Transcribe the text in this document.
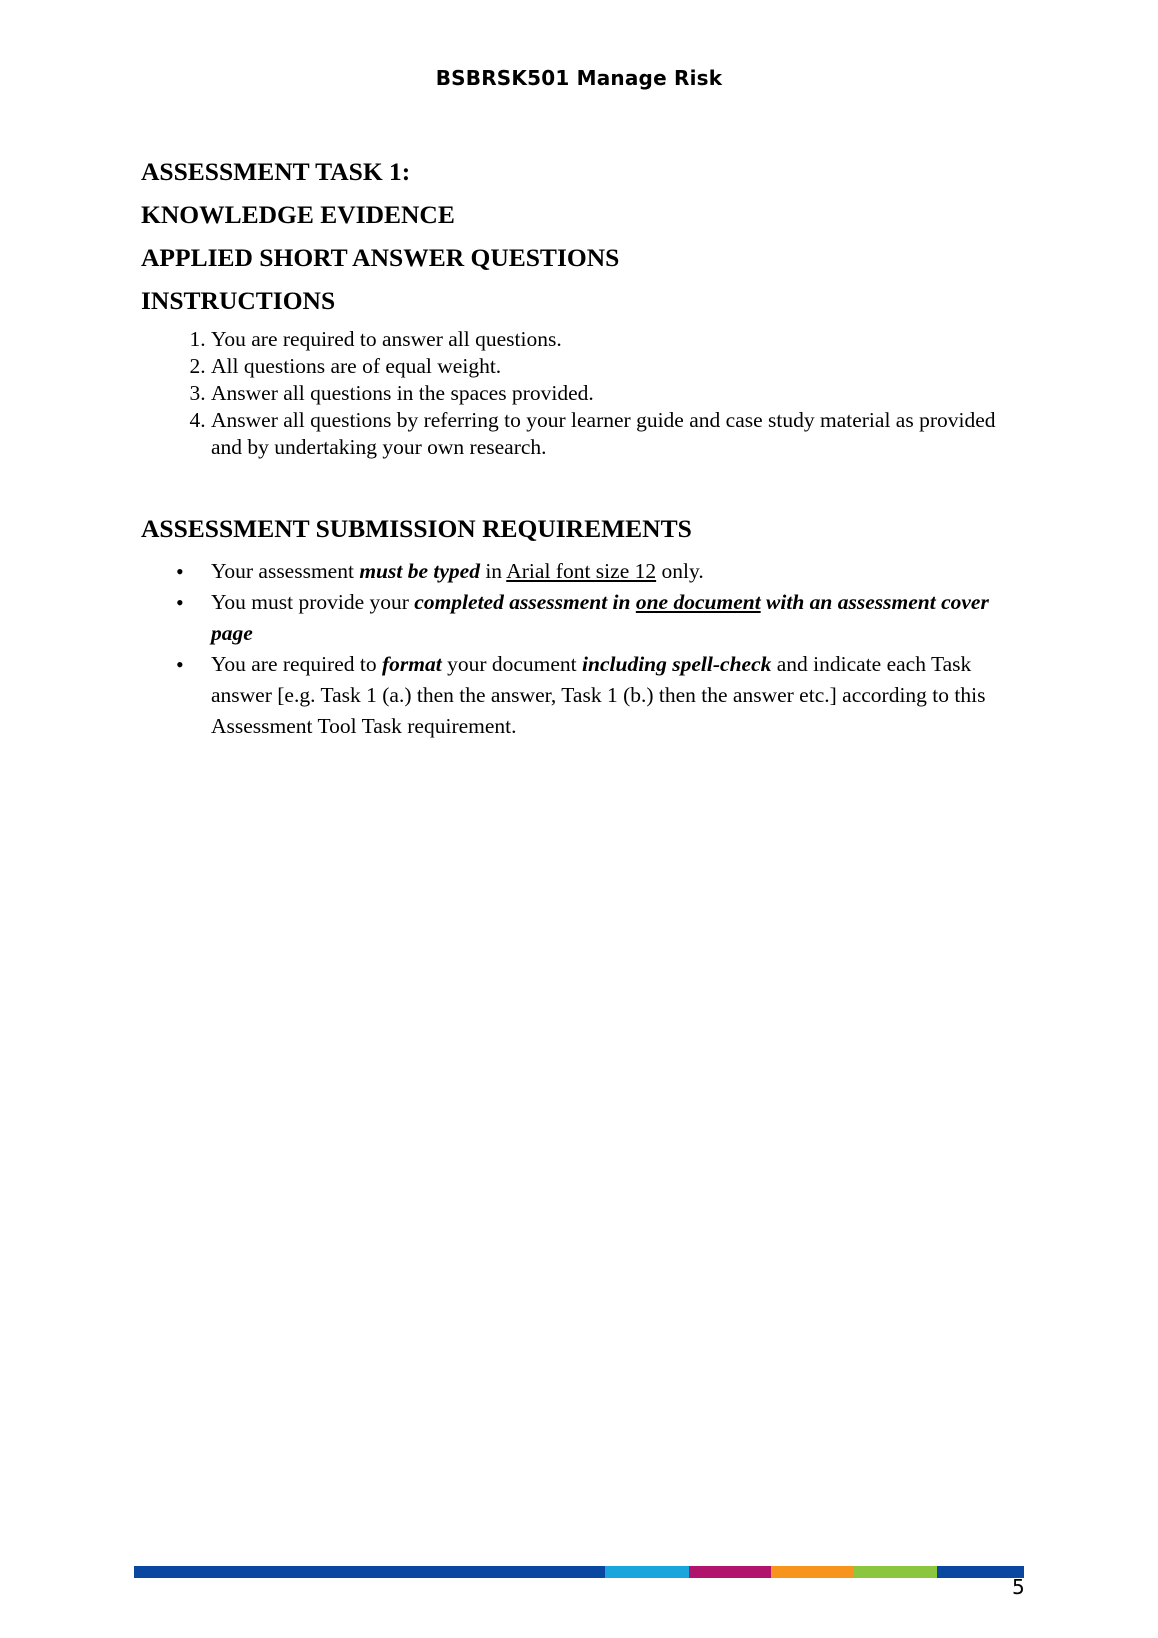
BSBRSK501 Manage Risk

ASSESSMENT TASK 1:

KNOWLEDGE EVIDENCE

APPLIED SHORT ANSWER QUESTIONS

INSTRUCTIONS

1. You are required to answer all questions.
2. All questions are of equal weight.
3. Answer all questions in the spaces provided.
4. Answer all questions by referring to your learner guide and case study material as provided and by undertaking your own research.

ASSESSMENT SUBMISSION REQUIREMENTS

• Your assessment must be typed in Arial font size 12 only.
• You must provide your completed assessment in one document with an assessment cover page
• You are required to format your document including spell-check and indicate each Task answer [e.g. Task 1 (a.) then the answer, Task 1 (b.) then the answer etc.] according to this Assessment Tool Task requirement.
5
